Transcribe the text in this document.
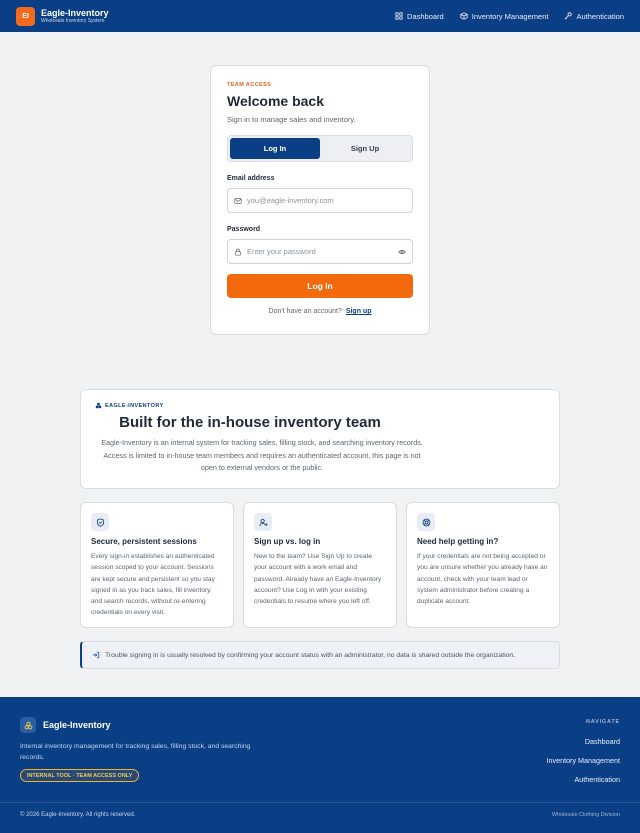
EI	Eagle-Inventory
Wholesale Inventory System	Dashboard	Inventory Management	Authentication
TEAM ACCESS
Welcome back
Sign in to manage sales and inventory.
Log In	Sign Up
Email address
you@eagle-inventory.com
Password
Log In
Don't have an account? Sign up
EAGLE-INVENTORY
Built for the in-house inventory team
Eagle-Inventory is an internal system for tracking sales, filling stock, and searching inventory records. Access is limited to in-house team members and requires an authenticated account, this page is not open to external vendors or the public.
Secure, persistent sessions
Every sign-in establishes an authenticated session scoped to your account. Sessions are kept secure and persistent so you stay signed in as you track sales, fill inventory, and search records, without re-entering credentials on every visit.
Sign up vs. log in
New to the team? Use Sign Up to create your account with a work email and password. Already have an Eagle-Inventory account? Use Log In with your existing credentials to resume where you left off.
Need help getting in?
If your credentials are not being accepted or you are unsure whether you already have an account, check with your team lead or system administrator before creating a duplicate account.
Trouble signing in is usually resolved by confirming your account status with an administrator, no data is shared outside the organization.
Eagle-Inventory
Internal inventory management for tracking sales, filling stock, and searching records.
INTERNAL TOOL · TEAM ACCESS ONLY
NAVIGATE
Dashboard
Inventory Management
Authentication
© 2026 Eagle-Inventory. All rights reserved.	Wholesale Clothing Division
